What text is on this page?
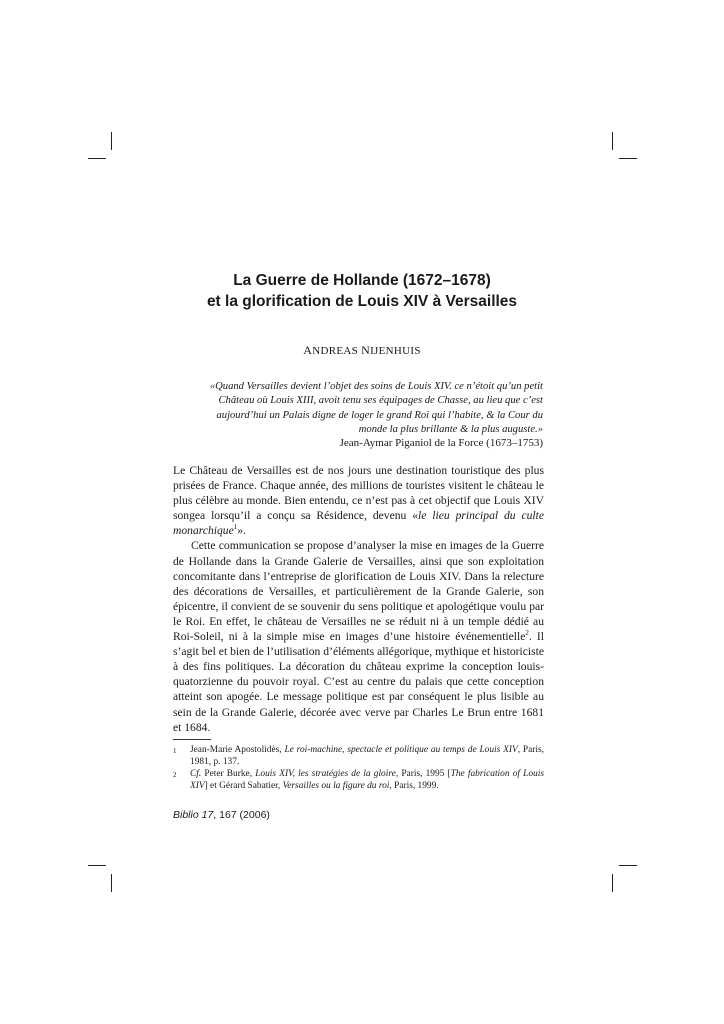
La Guerre de Hollande (1672–1678)
et la glorification de Louis XIV à Versailles
ANDREAS NIJENHUIS
«Quand Versailles devient l’objet des soins de Louis XIV. ce n’étoit qu’un petit Château où Louis XIII, avoit tenu ses équipages de Chasse, au lieu que c’est aujourd’hui un Palais digne de loger le grand Roi qui l’habite, & la Cour du monde la plus brillante & la plus auguste.»
Jean-Aymar Piganiol de la Force (1673–1753)

Le Château de Versailles est de nos jours une destination touristique des plus prisées de France. Chaque année, des millions de touristes visitent le château le plus célèbre au monde. Bien entendu, ce n’est pas à cet objectif que Louis XIV songea lorsqu’il a conçu sa Résidence, devenu «le lieu principal du culte monarchique$^1$».

Cette communication se propose d’analyser la mise en images de la Guerre de Hollande dans la Grande Galerie de Versailles, ainsi que son exploitation concomitante dans l’entreprise de glorification de Louis XIV. Dans la relecture des décorations de Versailles, et particulièrement de la Grande Galerie, son épicentre, il convient de se souvenir du sens politique et apologétique voulu par le Roi. En effet, le château de Versailles ne se réduit ni à un temple dédié au Roi-Soleil, ni à la simple mise en images d’une histoire événementielle$^2$. Il s’agit bel et bien de l’utilisation d’éléments allégorique, mythique et historiciste à des fins politiques. La décoration du château exprime la conception louis-quatorzienne du pouvoir royal. C’est au centre du palais que cette conception atteint son apogée. Le message politique est par conséquent le plus lisible au sein de la Grande Galerie, décorée avec verve par Charles Le Brun entre 1681 et 1684.

1	Jean-Marie Apostolidès, Le roi-machine, spectacle et politique au temps de Louis XIV, Paris, 1981, p. 137.
2	Cf. Peter Burke, Louis XIV, les stratégies de la gloire, Paris, 1995 [The fabrication of Louis XIV] et Gérard Sabatier, Versailles ou la figure du roi, Paris, 1999.
Biblio 17, 167 (2006)
